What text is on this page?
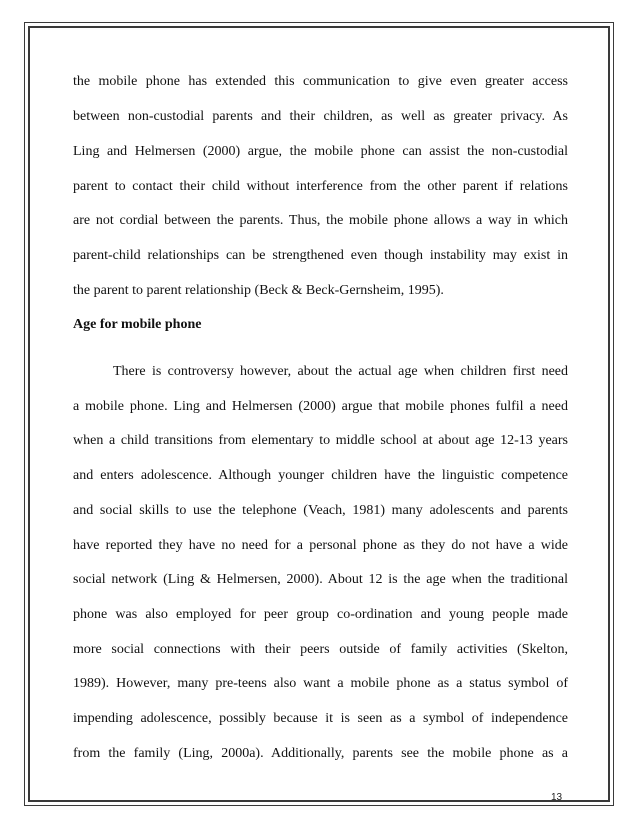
the mobile phone has extended this communication to give even greater access
between non-custodial parents and their children, as well as greater privacy. As
Ling and Helmersen (2000) argue, the mobile phone can assist the non-custodial
parent to contact their child without interference from the other parent if relations
are not cordial between the parents. Thus, the mobile phone allows a way in which
parent-child relationships can be strengthened even though instability may exist in
the parent to parent relationship (Beck & Beck-Gernsheim, 1995).
Age for mobile phone
There is controversy however, about the actual age when children first need
a mobile phone. Ling and Helmersen (2000) argue that mobile phones fulfil a need
when a child transitions from elementary to middle school at about age 12-13 years
and enters adolescence. Although younger children have the linguistic competence
and social skills to use the telephone (Veach, 1981) many adolescents and parents
have reported they have no need for a personal phone as they do not have a wide
social network (Ling & Helmersen, 2000). About 12 is the age when the traditional
phone was also employed for peer group co-ordination and young people made
more social connections with their peers outside of family activities (Skelton,
1989). However, many pre-teens also want a mobile phone as a status symbol of
impending adolescence, possibly because it is seen as a symbol of independence
from the family (Ling, 2000a). Additionally, parents see the mobile phone as a
13
